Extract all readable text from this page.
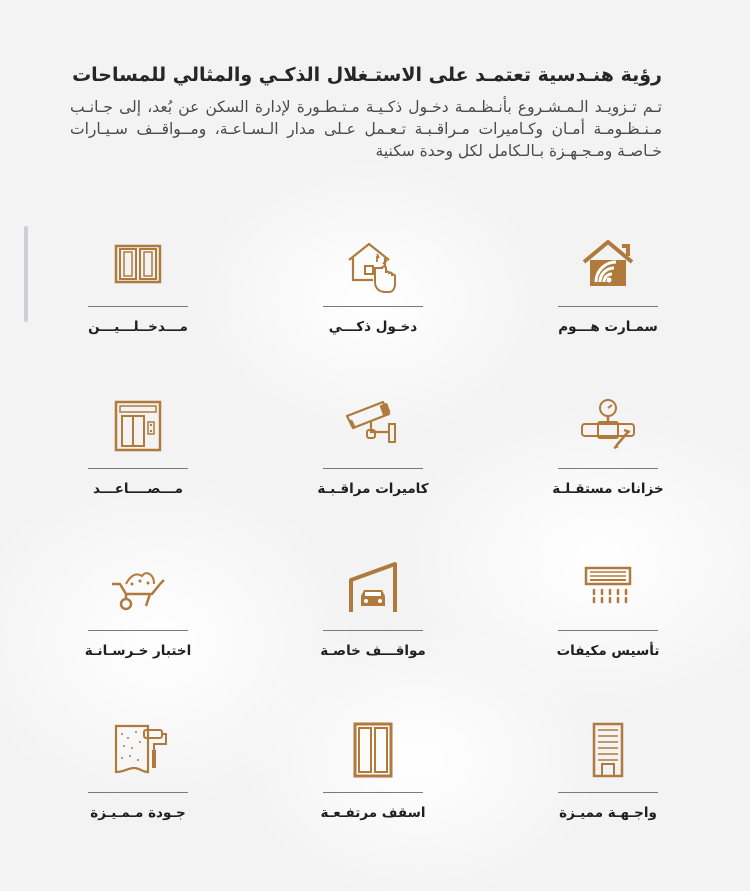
رؤية هنـدسية تعتمـد على الاستـغلال الذكـي والمثالي للمساحات

تـم تـزويـد الـمـشـروع بأنـظـمـة دخـول ذكـيـة مـتـطـورة لإدارة السكن عن بُعد، إلى جـانـب مـنـظـومـة أمـان وكـاميرات مـراقـبـة تـعـمل عـلى مدار الـسـاعـة، ومــواقــف سـيـارات خـاصـة ومـجـهـزة بـالـكامل لكل وحدة سكنية

سمـارت هـــوم
دخـول ذكـــي
مـــدخــلـــيـــن
خزانات مستقـلـة
كاميرات مراقـبـة
مـــصــــاعـــد
تأسيس مكيفات
مواقـــف خاصـة
اختبار خـرسـانـة
واجـهـة مميـزة
اسقف مرتفـعـة
جـودة مـمـيـزة
